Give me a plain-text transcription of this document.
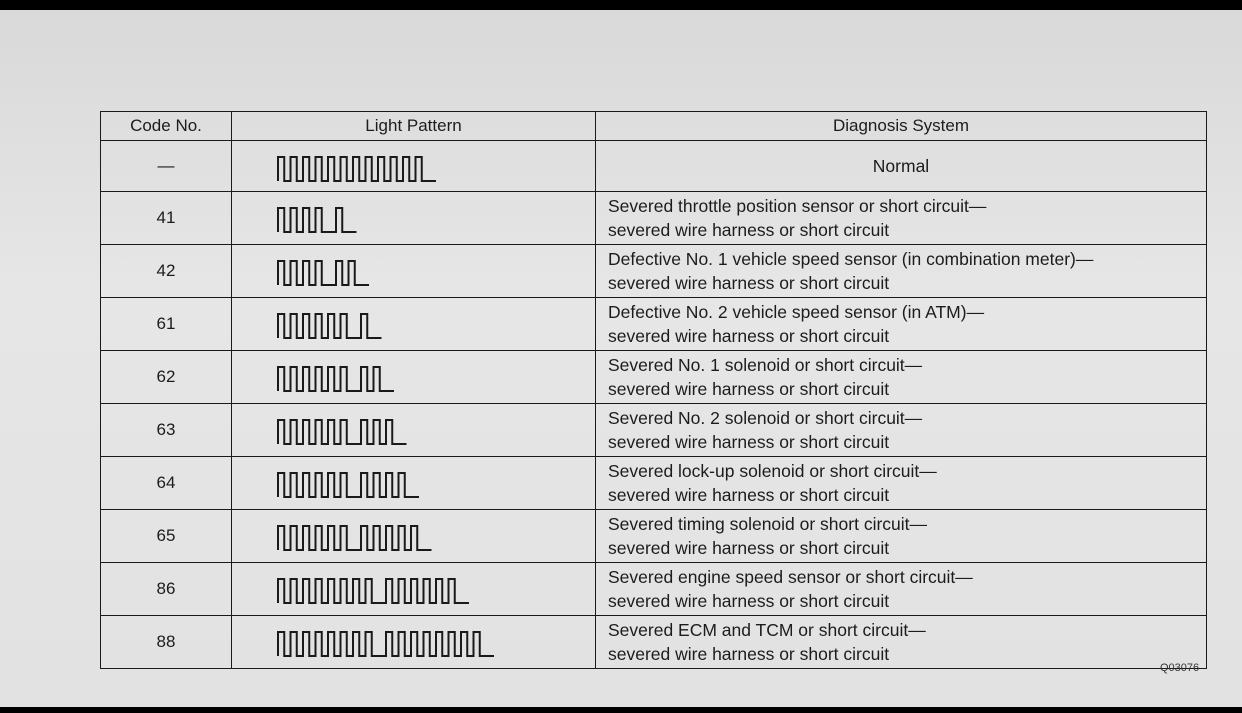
Code No.	Light Pattern	Diagnosis System
—		Normal

41		Severed throttle position sensor or short circuit—
severed wire harness or short circuit

42		Defective No. 1 vehicle speed sensor (in combination meter)—
severed wire harness or short circuit

61		Defective No. 2 vehicle speed sensor (in ATM)—
severed wire harness or short circuit

62		Severed No. 1 solenoid or short circuit—
severed wire harness or short circuit

63		Severed No. 2 solenoid or short circuit—
severed wire harness or short circuit

64		Severed lock-up solenoid or short circuit—
severed wire harness or short circuit

65		Severed timing solenoid or short circuit—
severed wire harness or short circuit

86		Severed engine speed sensor or short circuit—
severed wire harness or short circuit

88		Severed ECM and TCM or short circuit—
severed wire harness or short circuit
Q03076
